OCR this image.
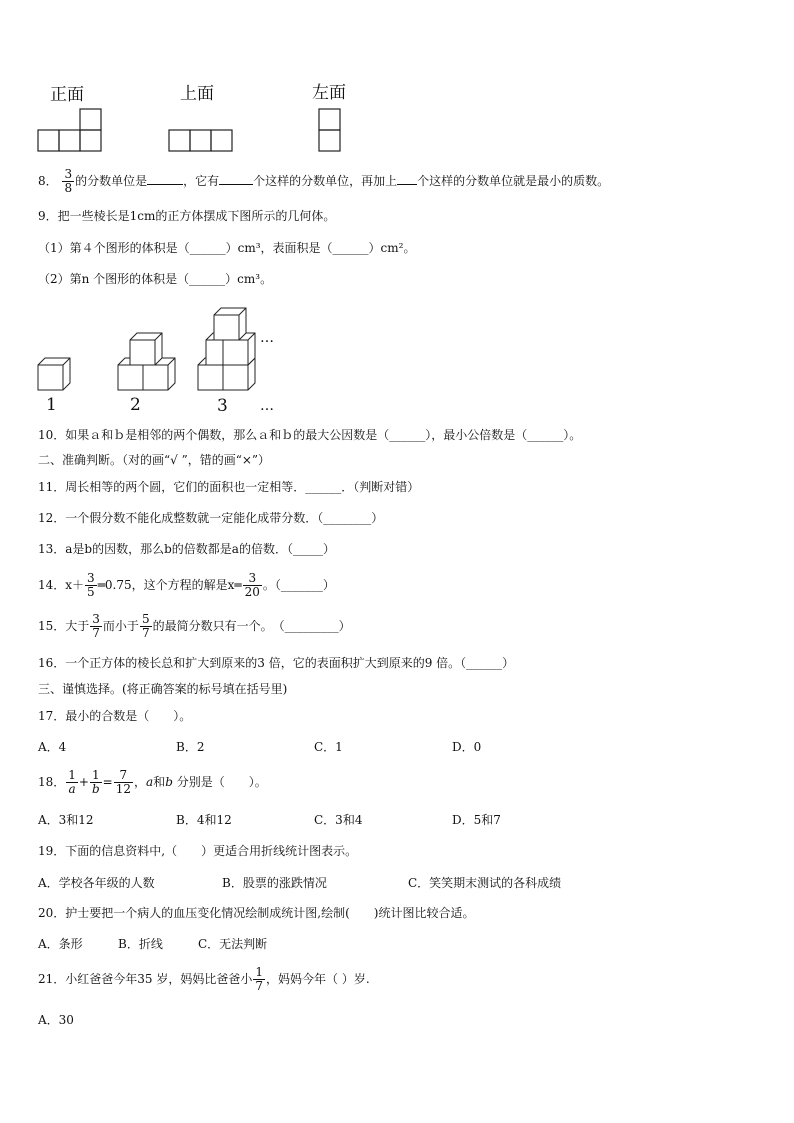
正面	上面	左面
8． $\frac{3}{8}$ 的分数单位是	，它有	个这样的分数单位，再加上 个这样的分数单位就是最小的质数。
9．把一些棱长是1cm的正方体摆成下图所示的几何体。
（1）第４个图形的体积是（______）cm³，表面积是（______）cm²。
（2）第n 个图形的体积是（______）cm³。
…
1	2	3 …
10．如果ａ和ｂ是相邻的两个偶数，那么ａ和ｂ的最大公因数是（______），最小公倍数是（______）。
二、准确判断。（对的画“√ ”，错的画“×”）
11．周长相等的两个圆，它们的面积也一定相等．______．（判断对错）
12．一个假分数不能化成整数就一定能化成带分数．（________）
13．a是b的因数，那么b的倍数都是a的倍数．（_____）
14．$x+ \frac{3}{5}$ ═0.75，这个方程的解是x═ $\frac{3}{20}$ 。（_______）
15．大于 $\frac{3}{7}$ 而小于 $\frac{5}{7}$ 的最简分数只有一个。　（_________）
16．一个正方体的棱长总和扩大到原来的3 倍，它的表面积扩大到原来的9 倍。（______）
三、谨慎选择。(将正确答案的标号填在括号里)
17．最小的合数是（　　）。
A．4	B．2	C．1	D．0
18． $\frac{1}{a} + \frac{1}{b} = \frac{7}{12}$ ，a和b 分别是（　　）。
A．3和12	B．4和12	C．3和4	D．5和7
19．下面的信息资料中,（　　）更适合用折线统计图表示。
A．学校各年级的人数	B．股票的涨跌情况	C．笑笑期末测试的各科成绩
20．护士要把一个病人的血压变化情况绘制成统计图,绘制(　　)统计图比较合适。
A．条形	B．折线	C．无法判断
21．小红爸爸今年35 岁，妈妈比爸爸小 $\frac{1}{7}$ ，妈妈今年（ ）岁.
A．30
